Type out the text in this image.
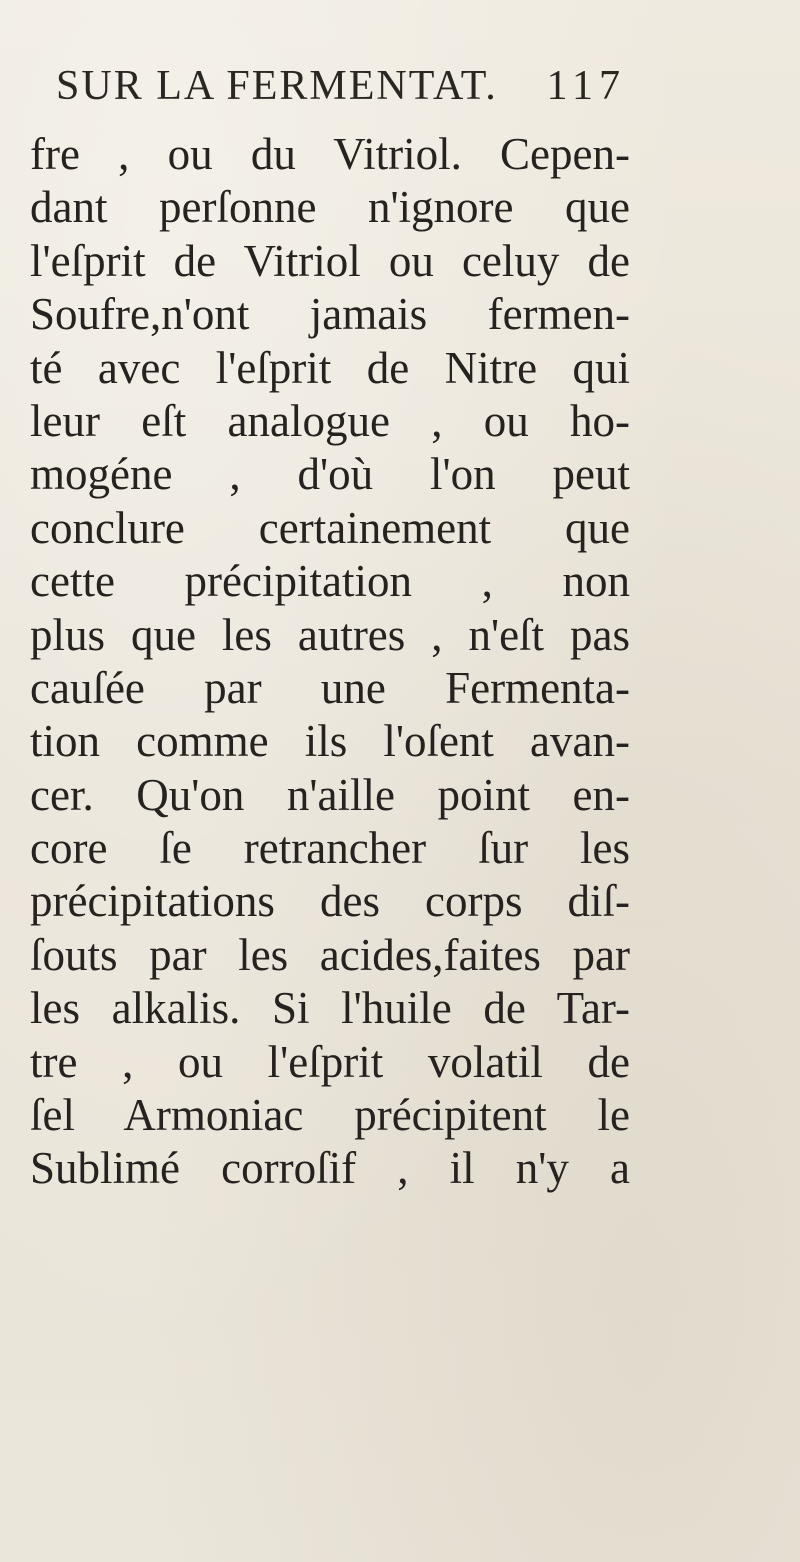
SUR LA FERMENTAT. 117
fre , ou du Vitriol. Cepen-
dant perſonne n'ignore que
l'eſprit de Vitriol ou celuy de
Soufre,n'ont jamais fermen-
té avec l'eſprit de Nitre qui
leur eſt analogue , ou ho-
mogéne , d'où l'on peut
conclure certainement que
cette précipitation , non
plus que les autres , n'eſt pas
cauſée par une Fermenta-
tion comme ils l'oſent avan-
cer. Qu'on n'aille point en-
core ſe retrancher ſur les
précipitations des corps diſ-
ſouts par les acides,faites par
les alkalis. Si l'huile de Tar-
tre , ou l'eſprit volatil de
ſel Armoniac précipitent le
Sublimé corroſif , il n'y a
